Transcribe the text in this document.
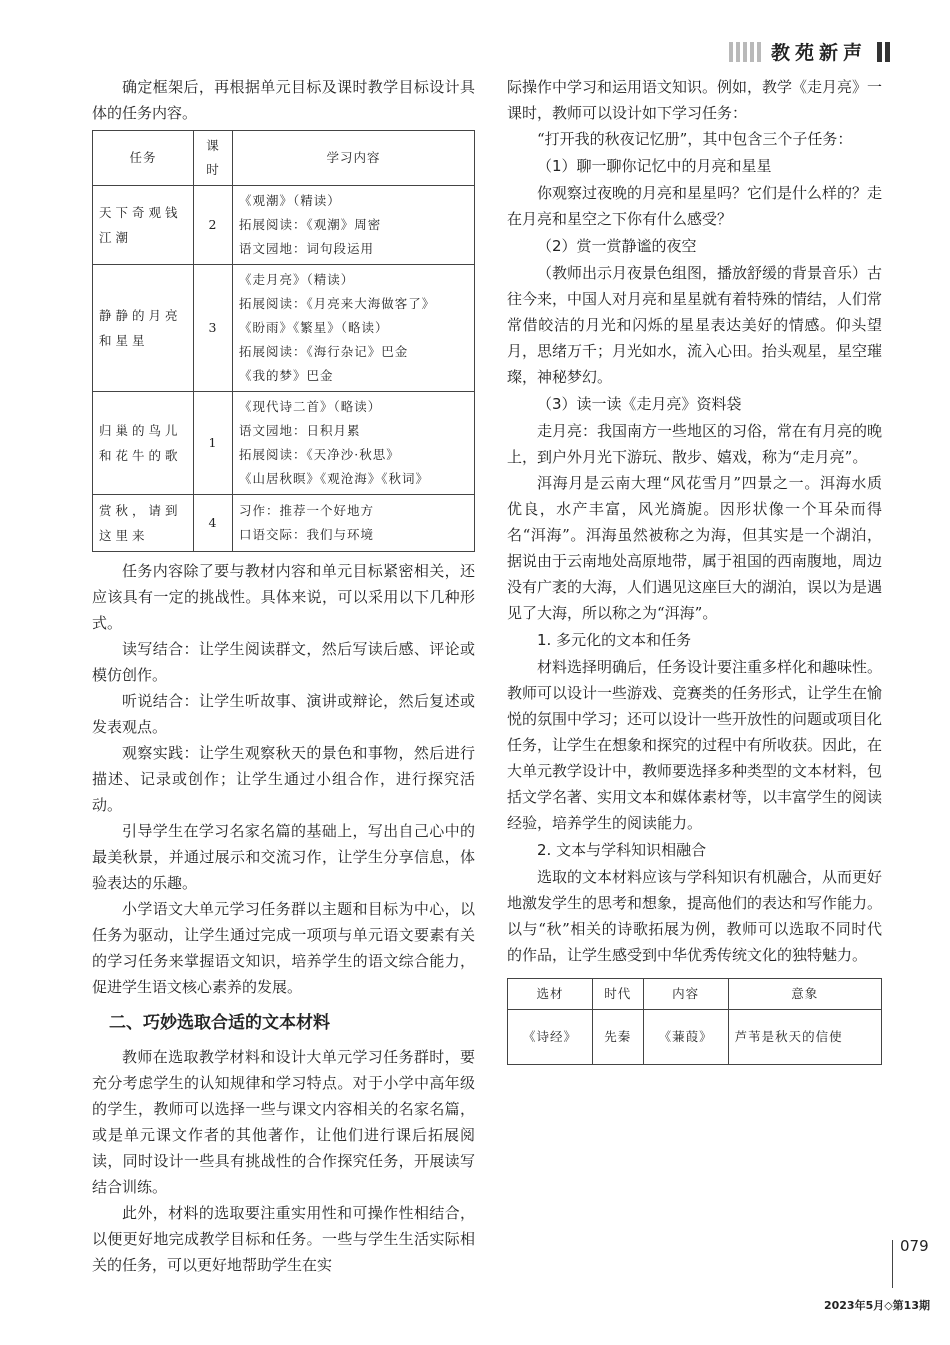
教苑新声

确定框架后，再根据单元目标及课时教学目标设计具体的任务内容。

任务	课时	学习内容
天下奇观钱江潮	2	《观潮》（精读）
拓展阅读：《观潮》周密
语文园地：词句段运用

静静的月亮和星星	3	《走月亮》（精读）
拓展阅读：《月亮来大海做客了》
《盼雨》《繁星》（略读）
拓展阅读：《海行杂记》巴金
《我的梦》巴金

归巢的鸟儿和花牛的歌	1	《现代诗二首》（略读）
语文园地：日积月累
拓展阅读：《天净沙·秋思》
《山居秋暝》《观沧海》《秋词》

赏秋，请到这里来	4	习作：推荐一个好地方
口语交际：我们与环境

任务内容除了要与教材内容和单元目标紧密相关，还应该具有一定的挑战性。具体来说，可以采用以下几种形式。

读写结合：让学生阅读群文，然后写读后感、评论或模仿创作。

听说结合：让学生听故事、演讲或辩论，然后复述或发表观点。

观察实践：让学生观察秋天的景色和事物，然后进行描述、记录或创作；让学生通过小组合作，进行探究活动。

引导学生在学习名家名篇的基础上，写出自己心中的最美秋景，并通过展示和交流习作，让学生分享信息，体验表达的乐趣。

小学语文大单元学习任务群以主题和目标为中心，以任务为驱动，让学生通过完成一项项与单元语文要素有关的学习任务来掌握语文知识，培养学生的语文综合能力，促进学生语文核心素养的发展。

二、巧妙选取合适的文本材料

教师在选取教学材料和设计大单元学习任务群时，要充分考虑学生的认知规律和学习特点。对于小学中高年级的学生，教师可以选择一些与课文内容相关的名家名篇，或是单元课文作者的其他著作，让他们进行课后拓展阅读，同时设计一些具有挑战性的合作探究任务，开展读写结合训练。

此外，材料的选取要注重实用性和可操作性相结合，以便更好地完成教学目标和任务。一些与学生生活实际相关的任务，可以更好地帮助学生在实

际操作中学习和运用语文知识。例如，教学《走月亮》一课时，教师可以设计如下学习任务：

“打开我的秋夜记忆册”，其中包含三个子任务：

（1）聊一聊你记忆中的月亮和星星

你观察过夜晚的月亮和星星吗？它们是什么样的？走在月亮和星空之下你有什么感受？

（2）赏一赏静谧的夜空

（教师出示月夜景色组图，播放舒缓的背景音乐）古往今来，中国人对月亮和星星就有着特殊的情结，人们常常借皎洁的月光和闪烁的星星表达美好的情感。仰头望月，思绪万千；月光如水，流入心田。抬头观星，星空璀璨，神秘梦幻。

（3）读一读《走月亮》资料袋

走月亮：我国南方一些地区的习俗，常在有月亮的晚上，到户外月光下游玩、散步、嬉戏，称为“走月亮”。

洱海月是云南大理“风花雪月”四景之一。洱海水质优良，水产丰富，风光旖旎。因形状像一个耳朵而得名“洱海”。洱海虽然被称之为海，但其实是一个湖泊，据说由于云南地处高原地带，属于祖国的西南腹地，周边没有广袤的大海，人们遇见这座巨大的湖泊，误以为是遇见了大海，所以称之为“洱海”。

1. 多元化的文本和任务

材料选择明确后，任务设计要注重多样化和趣味性。教师可以设计一些游戏、竞赛类的任务形式，让学生在愉悦的氛围中学习；还可以设计一些开放性的问题或项目化任务，让学生在想象和探究的过程中有所收获。因此，在大单元教学设计中，教师要选择多种类型的文本材料，包括文学名著、实用文本和媒体素材等，以丰富学生的阅读经验，培养学生的阅读能力。

2. 文本与学科知识相融合

选取的文本材料应该与学科知识有机融合，从而更好地激发学生的思考和想象，提高他们的表达和写作能力。以与“秋”相关的诗歌拓展为例，教师可以选取不同时代的作品，让学生感受到中华优秀传统文化的独特魅力。

选材	时代	内容	意象
《诗经》	先秦	《蒹葭》	芦苇是秋天的信使
079
2023年5月◇第13期
